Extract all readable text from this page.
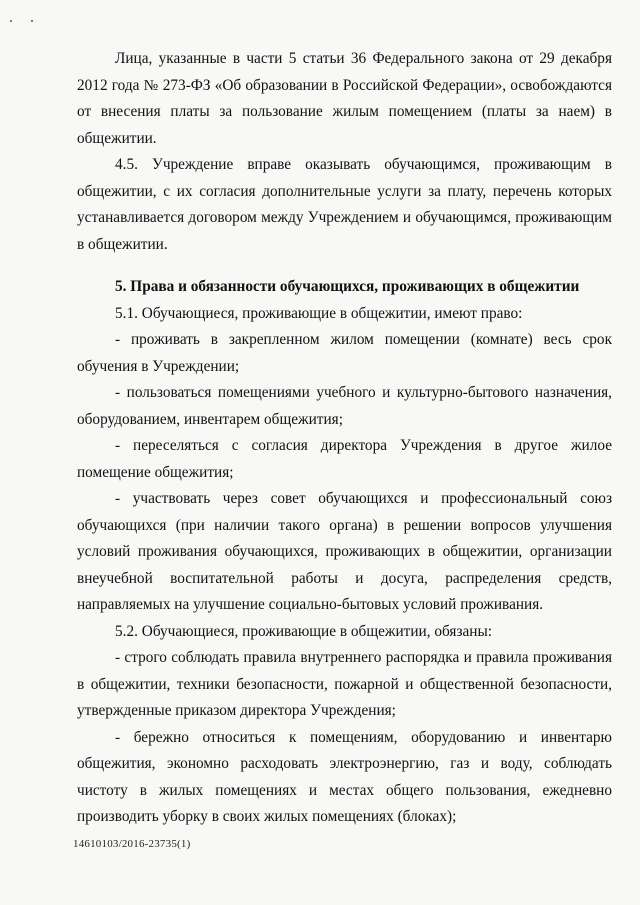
Лица, указанные в части 5 статьи 36 Федерального закона от 29 декабря 2012 года № 273-ФЗ «Об образовании в Российской Федерации», освобождаются от внесения платы за пользование жилым помещением (платы за наем) в общежитии.

4.5. Учреждение вправе оказывать обучающимся, проживающим в общежитии, с их согласия дополнительные услуги за плату, перечень которых устанавливается договором между Учреждением и обучающимся, проживающим в общежитии.

5. Права и обязанности обучающихся, проживающих в общежитии

5.1. Обучающиеся, проживающие в общежитии, имеют право:

- проживать в закрепленном жилом помещении (комнате) весь срок обучения в Учреждении;

- пользоваться помещениями учебного и культурно-бытового назначения, оборудованием, инвентарем общежития;

- переселяться с согласия директора Учреждения в другое жилое помещение общежития;

- участвовать через совет обучающихся и профессиональный союз обучающихся (при наличии такого органа) в решении вопросов улучшения условий проживания обучающихся, проживающих в общежитии, организации внеучебной воспитательной работы и досуга, распределения средств, направляемых на улучшение социально-бытовых условий проживания.

5.2. Обучающиеся, проживающие в общежитии, обязаны:

- строго соблюдать правила внутреннего распорядка и правила проживания в общежитии, техники безопасности, пожарной и общественной безопасности, утвержденные приказом директора Учреждения;

- бережно относиться к помещениям, оборудованию и инвентарю общежития, экономно расходовать электроэнергию, газ и воду, соблюдать чистоту в жилых помещениях и местах общего пользования, ежедневно производить уборку в своих жилых помещениях (блоках);

14610103/2016-23735(1)
